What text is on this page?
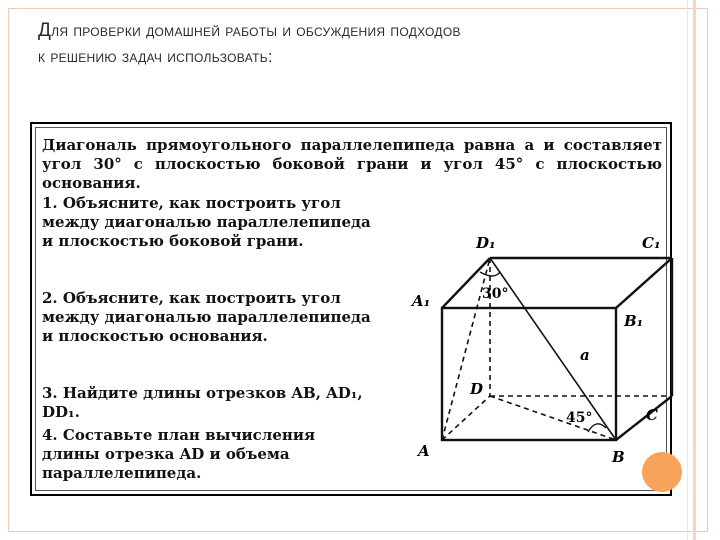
Для проверки домашней работы и обсуждения подходов
к решению задач использовать:
Диагональ прямоугольного параллелепипеда равна a и составляет угол 30° с плоскостью боковой грани и угол 45° с плоскостью основания.
1. Объясните, как построить угол между диагональю параллелепипеда и плоскостью боковой грани.
2. Объясните, как построить угол между диагональю параллелепипеда и плоскостью основания.
3. Найдите длины отрезков AB, AD₁, DD₁.
4. Составьте план вычисления длины отрезка AD и объема параллелепипеда.
D₁	C₁
A₁
B₁
D
C
A	B
a
30°
45°
